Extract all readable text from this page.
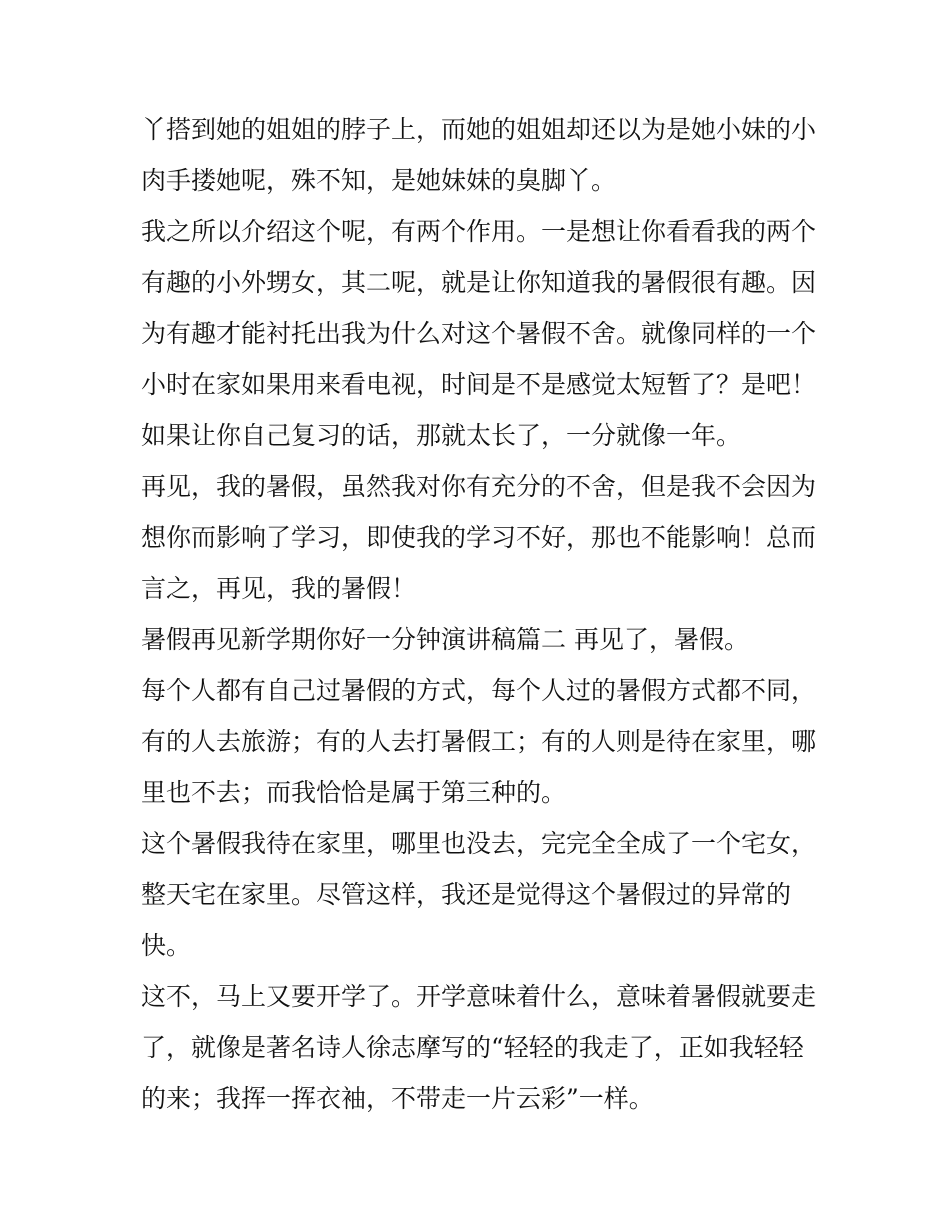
丫搭到她的姐姐的脖子上，而她的姐姐却还以为是她小妹的小
肉手搂她呢，殊不知，是她妹妹的臭脚丫。
我之所以介绍这个呢，有两个作用。一是想让你看看我的两个
有趣的小外甥女，其二呢，就是让你知道我的暑假很有趣。因
为有趣才能衬托出我为什么对这个暑假不舍。就像同样的一个
小时在家如果用来看电视，时间是不是感觉太短暂了？是吧！
如果让你自己复习的话，那就太长了，一分就像一年。
再见，我的暑假，虽然我对你有充分的不舍，但是我不会因为
想你而影响了学习，即使我的学习不好，那也不能影响！总而
言之，再见，我的暑假！
暑假再见新学期你好一分钟演讲稿篇二 再见了，暑假。
每个人都有自己过暑假的方式，每个人过的暑假方式都不同，
有的人去旅游；有的人去打暑假工；有的人则是待在家里，哪
里也不去；而我恰恰是属于第三种的。
这个暑假我待在家里，哪里也没去，完完全全成了一个宅女，
整天宅在家里。尽管这样，我还是觉得这个暑假过的异常的
快。
这不，马上又要开学了。开学意味着什么，意味着暑假就要走
了，就像是著名诗人徐志摩写的“轻轻的我走了，正如我轻轻
的来；我挥一挥衣袖，不带走一片云彩”一样。
